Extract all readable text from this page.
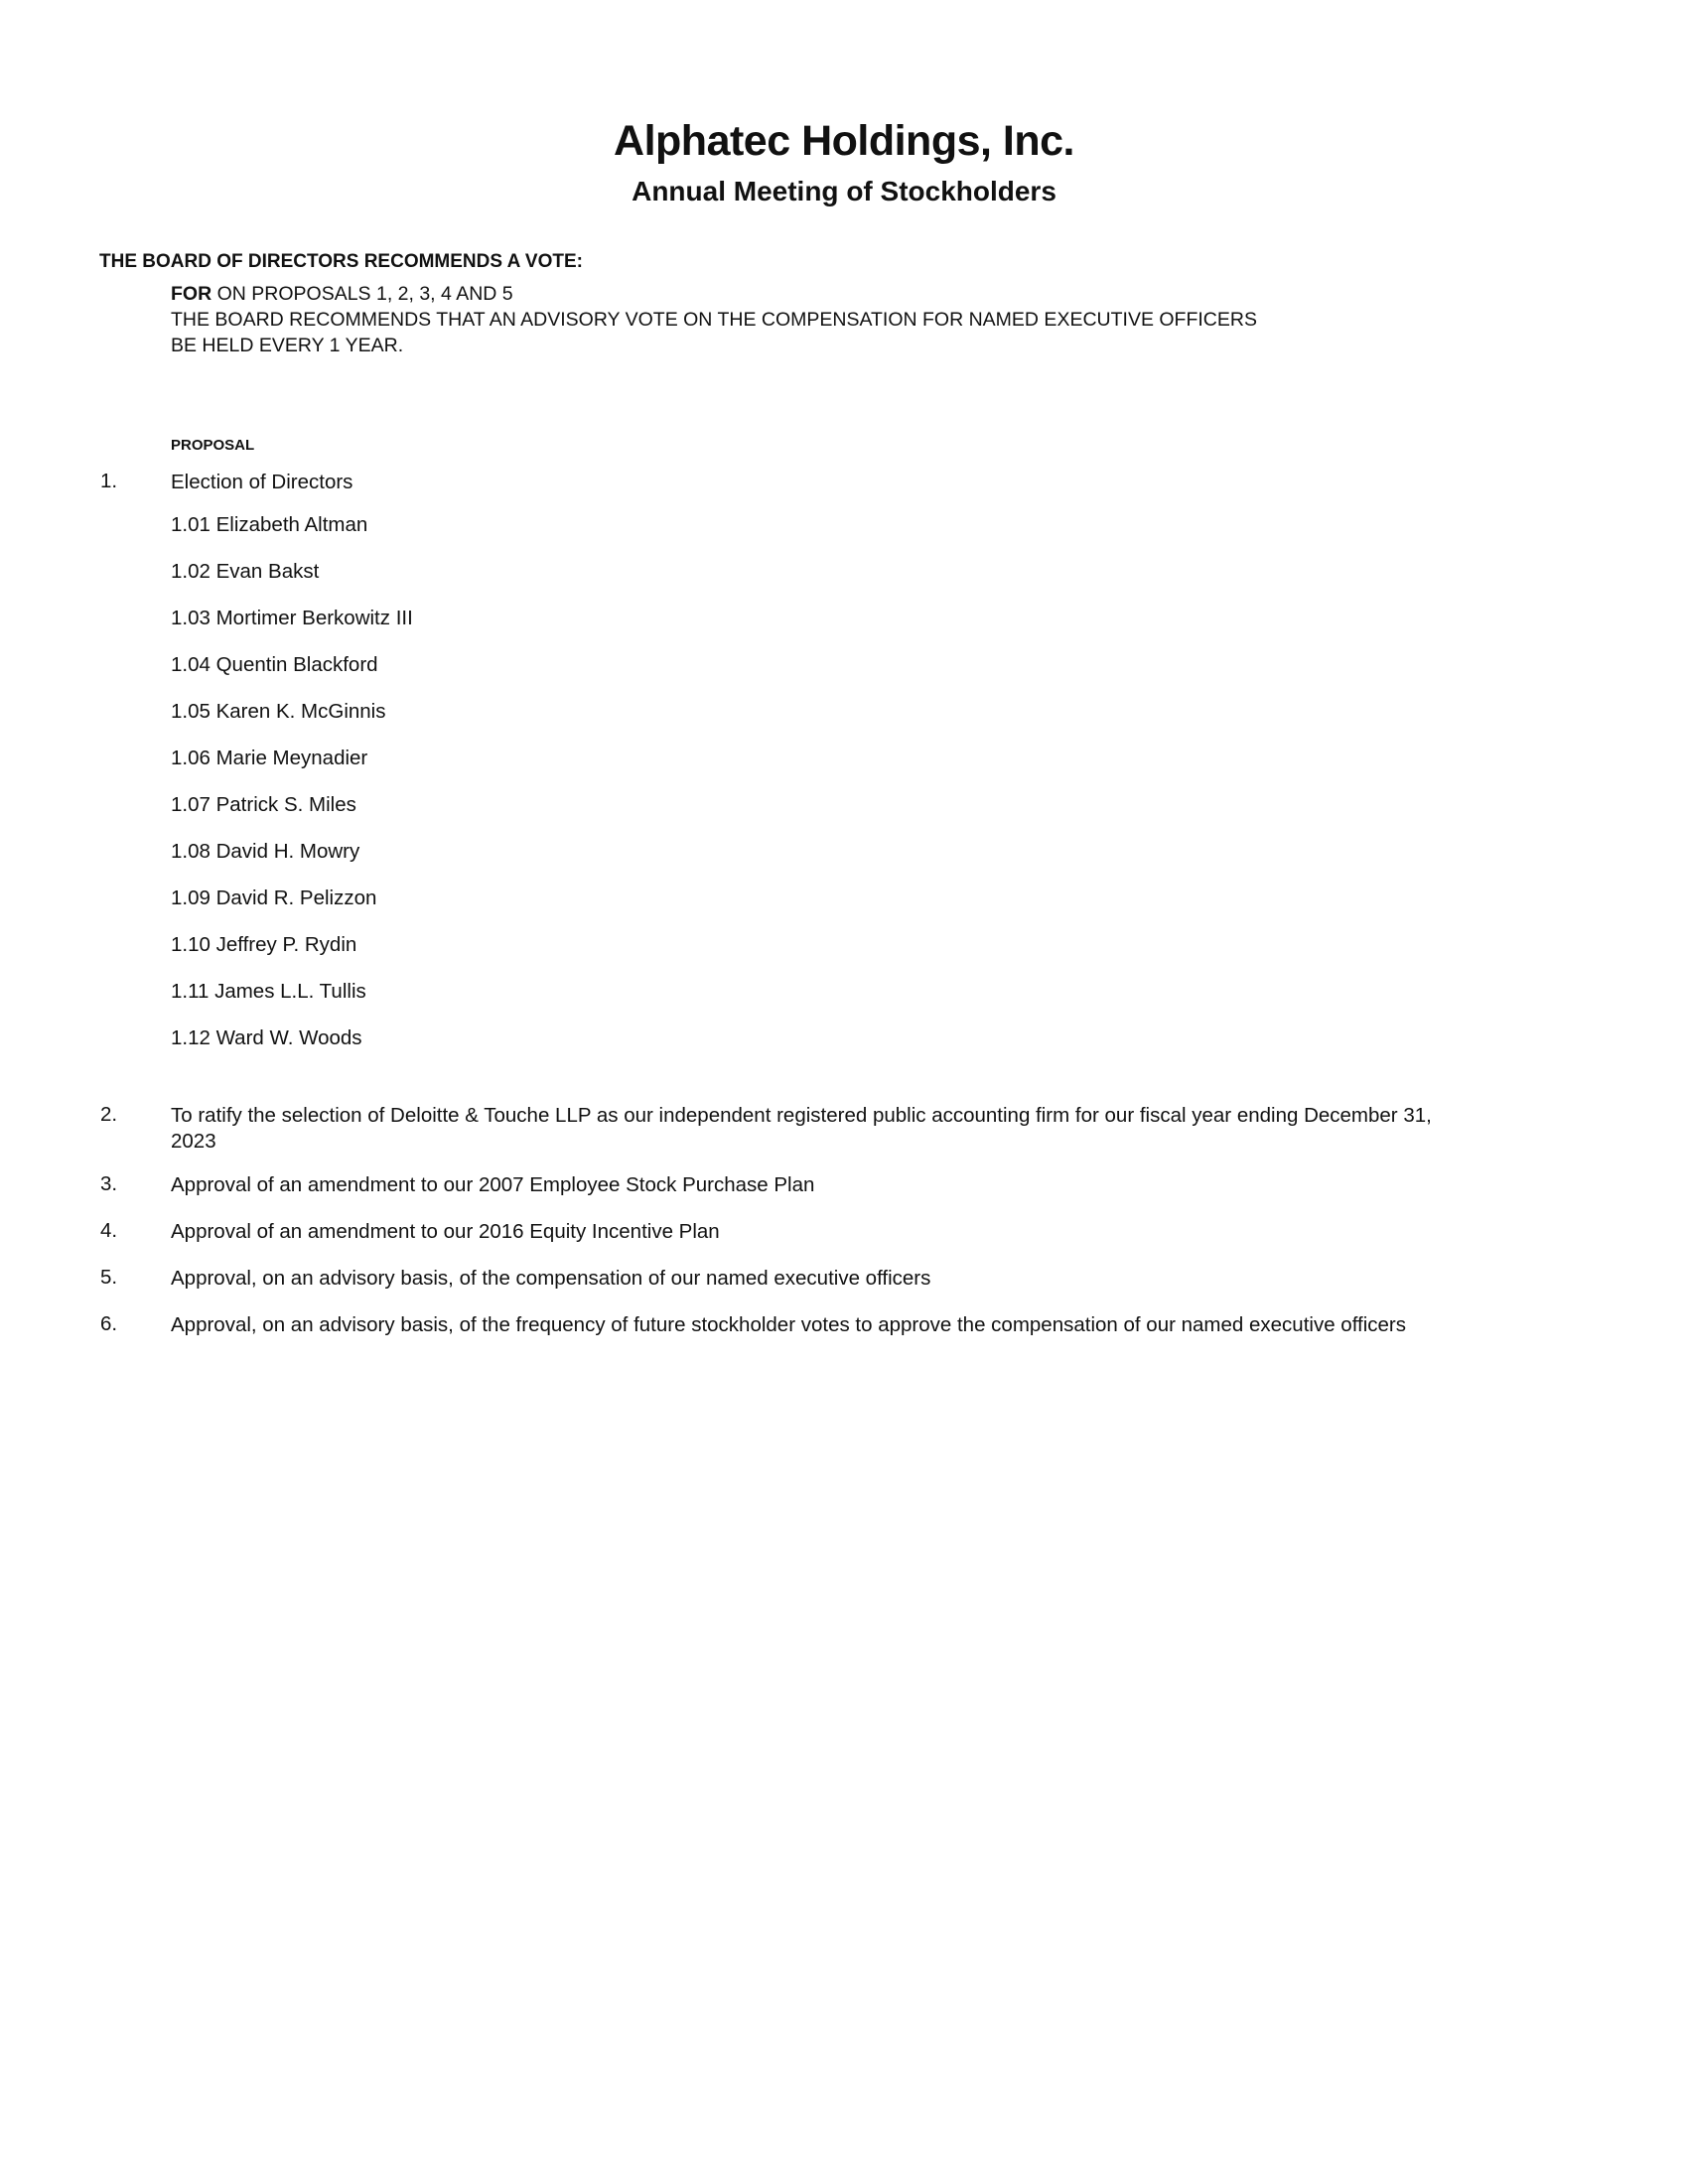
Alphatec Holdings, Inc.
Annual Meeting of Stockholders
THE BOARD OF DIRECTORS RECOMMENDS A VOTE:
FOR ON PROPOSALS 1, 2, 3, 4 AND 5
THE BOARD RECOMMENDS THAT AN ADVISORY VOTE ON THE COMPENSATION FOR NAMED EXECUTIVE OFFICERS
BE HELD EVERY 1 YEAR.
PROPOSAL
1.	Election of Directors
1.01 Elizabeth Altman
1.02 Evan Bakst
1.03 Mortimer Berkowitz III
1.04 Quentin Blackford
1.05 Karen K. McGinnis
1.06 Marie Meynadier
1.07 Patrick S. Miles
1.08 David H. Mowry
1.09 David R. Pelizzon
1.10 Jeffrey P. Rydin
1.11 James L.L. Tullis
1.12 Ward W. Woods
2.	To ratify the selection of Deloitte & Touche LLP as our independent registered public accounting firm for our fiscal year ending December 31,
2023
3.	Approval of an amendment to our 2007 Employee Stock Purchase Plan
4.	Approval of an amendment to our 2016 Equity Incentive Plan
5.	Approval, on an advisory basis, of the compensation of our named executive officers
6.	Approval, on an advisory basis, of the frequency of future stockholder votes to approve the compensation of our named executive officers
